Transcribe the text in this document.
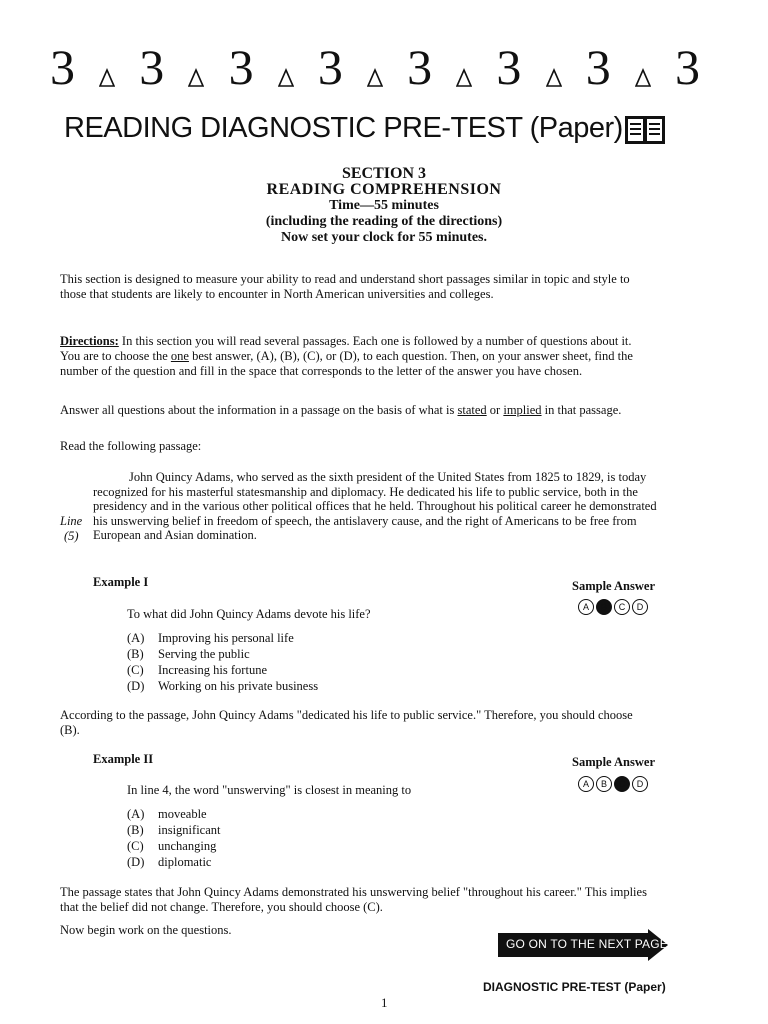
3 3 3 3 3 3 3 3
READING DIAGNOSTIC PRE-TEST (Paper)
SECTION 3
READING COMPREHENSION
Time—55 minutes
(including the reading of the directions)
Now set your clock for 55 minutes.
This section is designed to measure your ability to read and understand short passages similar in topic and style to those that students are likely to encounter in North American universities and colleges.
Directions: In this section you will read several passages. Each one is followed by a number of questions about it. You are to choose the one best answer, (A), (B), (C), or (D), to each question. Then, on your answer sheet, find the number of the question and fill in the space that corresponds to the letter of the answer you have chosen.
Answer all questions about the information in a passage on the basis of what is stated or implied in that passage.
Read the following passage:
John Quincy Adams, who served as the sixth president of the United States from 1825 to 1829, is today recognized for his masterful statesmanship and diplomacy. He dedicated his life to public service, both in the presidency and in the various other political offices that he held. Throughout his political career he demonstrated his unswerving belief in freedom of speech, the antislavery cause, and the right of Americans to be free from European and Asian domination.
Line
(5)
Example I	Sample Answer
A	B	C	D
To what did John Quincy Adams devote his life?
(A)	Improving his personal life
(B)	Serving the public
(C)	Increasing his fortune
(D)	Working on his private business
According to the passage, John Quincy Adams "dedicated his life to public service." Therefore, you should choose (B).
Example II	Sample Answer
A	B	C	D
In line 4, the word "unswerving" is closest in meaning to
(A)	moveable
(B)	insignificant
(C)	unchanging
(D)	diplomatic
The passage states that John Quincy Adams demonstrated his unswerving belief "throughout his career." This implies that the belief did not change. Therefore, you should choose (C).
Now begin work on the questions.
GO ON TO THE NEXT PAGE
DIAGNOSTIC PRE-TEST (Paper)
1
